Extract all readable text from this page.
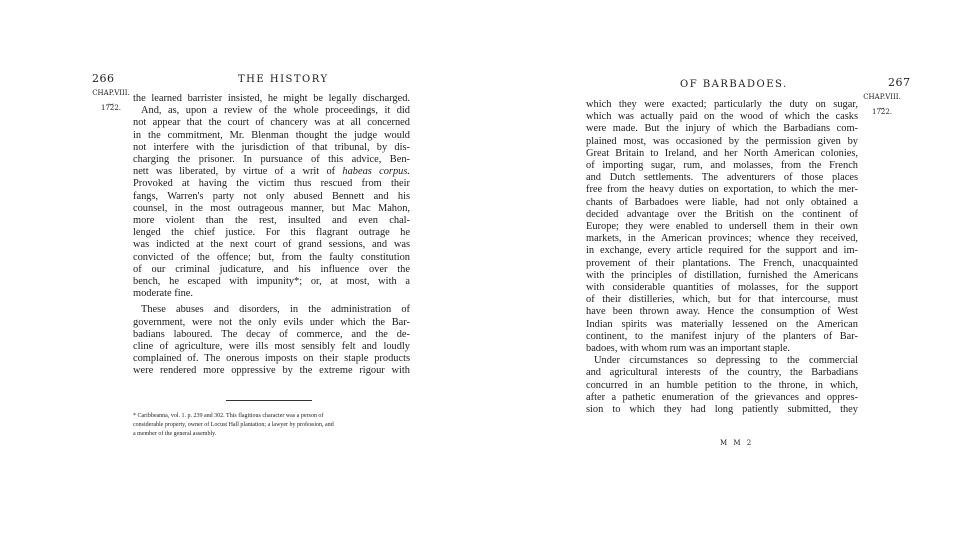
266	THE HISTORY
CHAP.VIII.
⏟
1722.
the learned barrister insisted, he might be legally discharged.
And, as, upon a review of the whole proceedings, it did
not appear that the court of chancery was at all concerned
in the commitment, Mr. Blenman thought the judge would
not interfere with the jurisdiction of that tribunal, by dis-
charging the prisoner. In pursuance of this advice, Ben-
nett was liberated, by virtue of a writ of habeas corpus.
Provoked at having the victim thus rescued from their
fangs, Warren's party not only abused Bennett and his
counsel, in the most outrageous manner, but Mac Mahon,
more violent than the rest, insulted and even chal-
lenged the chief justice. For this flagrant outrage he
was indicted at the next court of grand sessions, and was
convicted of the offence; but, from the faulty constitution
of our criminal judicature, and his influence over the
bench, he escaped with impunity*; or, at most, with a
moderate fine.
These abuses and disorders, in the administration of
government, were not the only evils under which the Bar-
badians laboured. The decay of commerce, and the de-
cline of agriculture, were ills most sensibly felt and loudly
complained of. The onerous imposts on their staple products
were rendered more oppressive by the extreme rigour with
* Caribbeanna, vol. 1. p. 239 and 302. This flagitious character was a person of
considerable property, owner of Locust Hall plantation; a lawyer by profession, and
a member of the general assembly.
OF BARBADOES.	267
CHAP.VIII.
⏟
1722.
which they were exacted; particularly the duty on sugar,
which was actually paid on the wood of which the casks
were made. But the injury of which the Barbadians com-
plained most, was occasioned by the permission given by
Great Britain to Ireland, and her North American colonies,
of importing sugar, rum, and molasses, from the French
and Dutch settlements. The adventurers of those places
free from the heavy duties on exportation, to which the mer-
chants of Barbadoes were liable, had not only obtained a
decided advantage over the British on the continent of
Europe; they were enabled to undersell them in their own
markets, in the American provinces; whence they received,
in exchange, every article required for the support and im-
provement of their plantations. The French, unacquainted
with the principles of distillation, furnished the Americans
with considerable quantities of molasses, for the support
of their distilleries, which, but for that intercourse, must
have been thrown away. Hence the consumption of West
Indian spirits was materially lessened on the American
continent, to the manifest injury of the planters of Bar-
badoes, with whom rum was an important staple.
Under circumstances so depressing to the commercial
and agricultural interests of the country, the Barbadians
concurred in an humble petition to the throne, in which,
after a pathetic enumeration of the grievances and oppres-
sion to which they had long patiently submitted, they
M M 2
